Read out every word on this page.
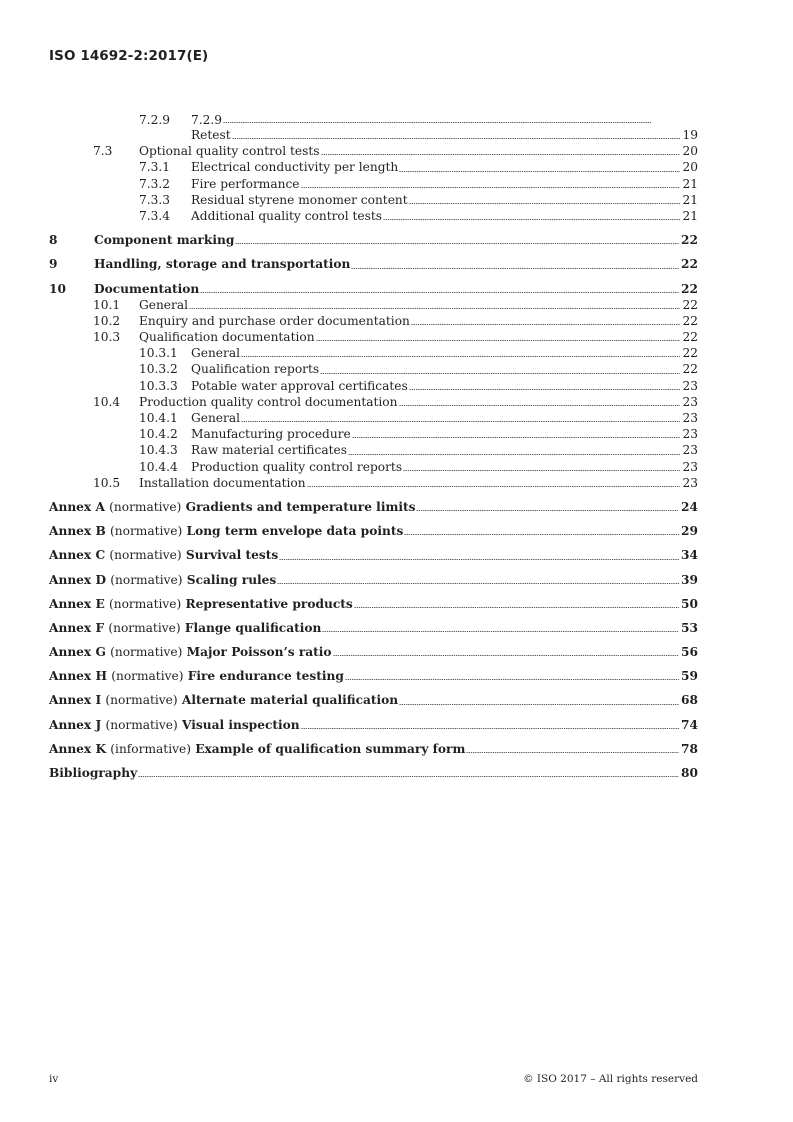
ISO 14692-2:2017(E)
7.2.9	7.2.9
Retest	19
7.3	Optional quality control tests	20
7.3.1	Electrical conductivity per length	20
7.3.2	Fire performance	21
7.3.3	Residual styrene monomer content	21
7.3.4	Additional quality control tests	21
8	Component marking	22
9	Handling, storage and transportation	22
10	Documentation	22
10.1	General	22
10.2	Enquiry and purchase order documentation	22
10.3	Qualification documentation	22
10.3.1	General	22
10.3.2	Qualification reports	22
10.3.3	Potable water approval certificates	23
10.4	Production quality control documentation	23
10.4.1	General	23
10.4.2	Manufacturing procedure	23
10.4.3	Raw material certificates	23
10.4.4	Production quality control reports	23
10.5	Installation documentation	23
Annex A (normative) Gradients and temperature limits	24
Annex B (normative) Long term envelope data points	29
Annex C (normative) Survival tests	34
Annex D (normative) Scaling rules	39
Annex E (normative) Representative products	50
Annex F (normative) Flange qualification	53
Annex G (normative) Major Poisson’s ratio	56
Annex H (normative) Fire endurance testing	59
Annex I (normative) Alternate material qualification	68
Annex J (normative) Visual inspection	74
Annex K (informative) Example of qualification summary form	78
Bibliography	80
iv	© ISO 2017 – All rights reserved
